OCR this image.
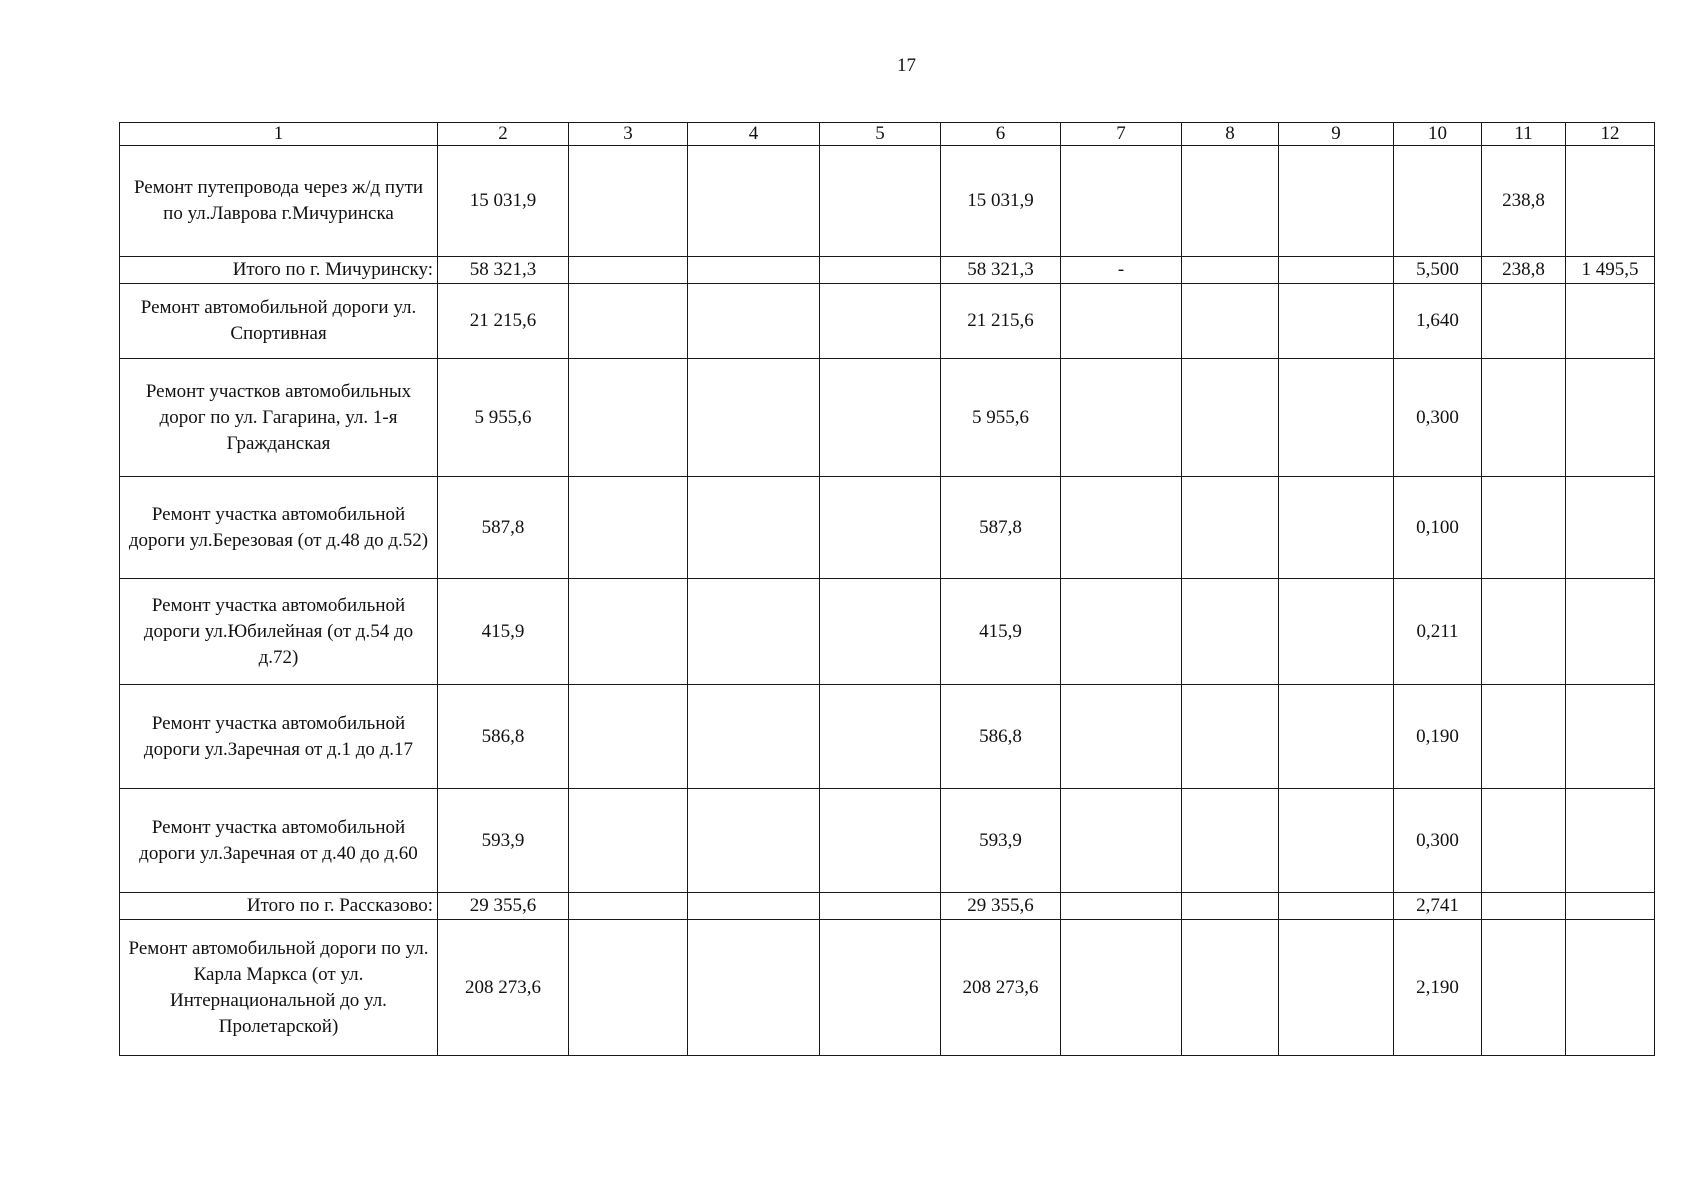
17
1	2	3	4	5	6	7	8	9	10	11	12
Ремонт путепровода через ж/д пути по ул.Лаврова г.Мичуринска	15 031,9				15 031,9					238,8	
Итого по г. Мичуринску:	58 321,3				58 321,3	-			5,500	238,8	1 495,5
Ремонт автомобильной дороги ул. Спортивная	21 215,6				21 215,6				1,640		
Ремонт участков автомобильных дорог по ул. Гагарина, ул. 1-я Гражданская	5 955,6				5 955,6				0,300		
Ремонт участка автомобильной дороги ул.Березовая (от д.48 до д.52)	587,8				587,8				0,100		
Ремонт участка автомобильной дороги ул.Юбилейная (от д.54 до д.72)	415,9				415,9				0,211		
Ремонт участка автомобильной дороги ул.Заречная от д.1 до д.17	586,8				586,8				0,190		
Ремонт участка автомобильной дороги ул.Заречная от д.40 до д.60	593,9				593,9				0,300		
Итого по г. Рассказово:	29 355,6				29 355,6				2,741		
Ремонт автомобильной дороги по ул. Карла Маркса (от ул. Интернациональной до ул. Пролетарской)	208 273,6				208 273,6				2,190		
